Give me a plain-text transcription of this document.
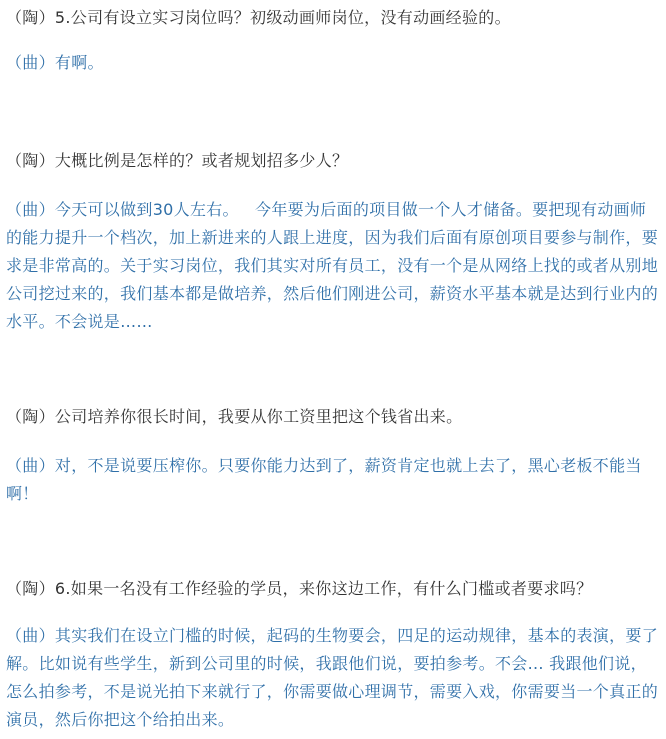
（陶）5.公司有设立实习岗位吗？初级动画师岗位，没有动画经验的。

（曲）有啊。

（陶）大概比例是怎样的？或者规划招多少人？

（曲）今天可以做到30人左右。   今年要为后面的项目做一个人才储备。要把现有动画师的能力提升一个档次，加上新进来的人跟上进度，因为我们后面有原创项目要参与制作，要求是非常高的。关于实习岗位，我们其实对所有员工，没有一个是从网络上找的或者从别地公司挖过来的，我们基本都是做培养，然后他们刚进公司，薪资水平基本就是达到行业内的水平。不会说是……

（陶）公司培养你很长时间，我要从你工资里把这个钱省出来。

（曲）对，不是说要压榨你。只要你能力达到了，薪资肯定也就上去了，黑心老板不能当啊！

（陶）6.如果一名没有工作经验的学员，来你这边工作，有什么门槛或者要求吗？

（曲）其实我们在设立门槛的时候，起码的生物要会，四足的运动规律，基本的表演，要了解。比如说有些学生，新到公司里的时候，我跟他们说，要拍参考。不会... 我跟他们说，怎么拍参考，不是说光拍下来就行了，你需要做心理调节，需要入戏，你需要当一个真正的演员，然后你把这个给拍出来。
